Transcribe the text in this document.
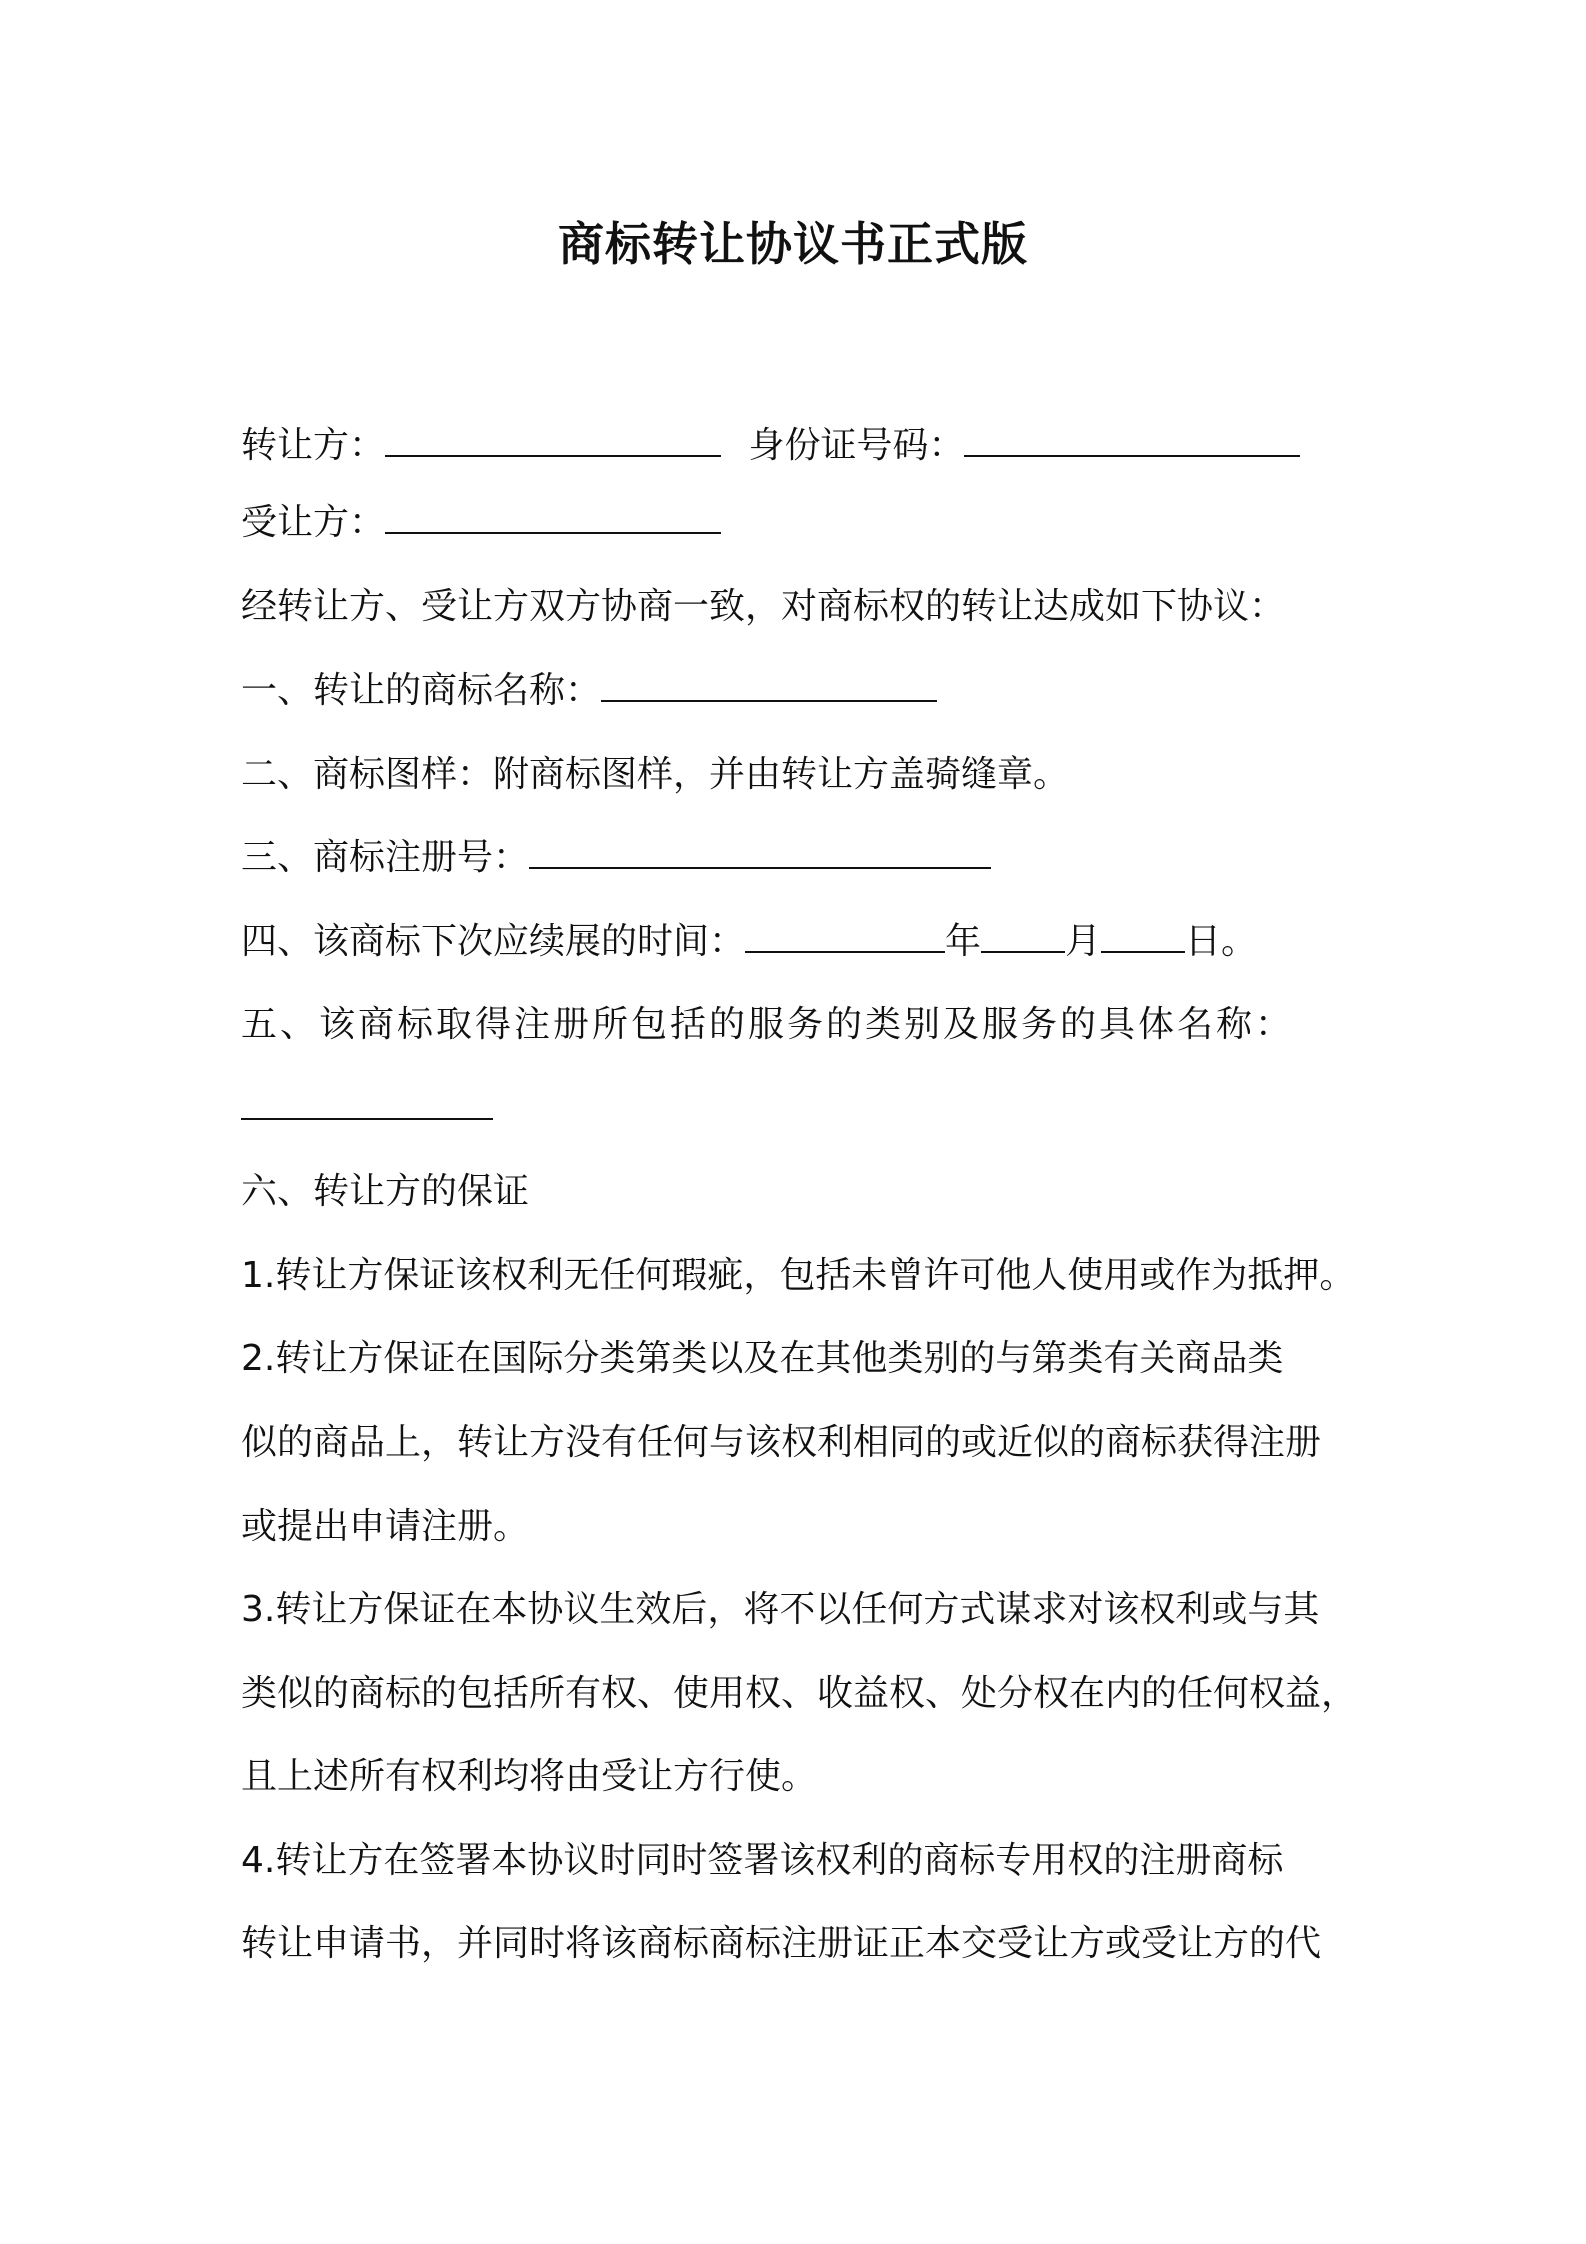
商标转让协议书正式版
转让方：	身份证号码：
受让方：
经转让方、受让方双方协商一致，对商标权的转让达成如下协议：
一、转让的商标名称：
二、商标图样：附商标图样，并由转让方盖骑缝章。
三、商标注册号：
四、该商标下次应续展的时间：	年 月 日。
五、该商标取得注册所包括的服务的类别及服务的具体名称：
六、转让方的保证
1.转让方保证该权利无任何瑕疵，包括未曾许可他人使用或作为抵押。
2.转让方保证在国际分类第类以及在其他类别的与第类有关商品类
似的商品上，转让方没有任何与该权利相同的或近似的商标获得注册
或提出申请注册。
3.转让方保证在本协议生效后，将不以任何方式谋求对该权利或与其
类似的商标的包括所有权、使用权、收益权、处分权在内的任何权益，
且上述所有权利均将由受让方行使。
4.转让方在签署本协议时同时签署该权利的商标专用权的注册商标
转让申请书，并同时将该商标商标注册证正本交受让方或受让方的代
